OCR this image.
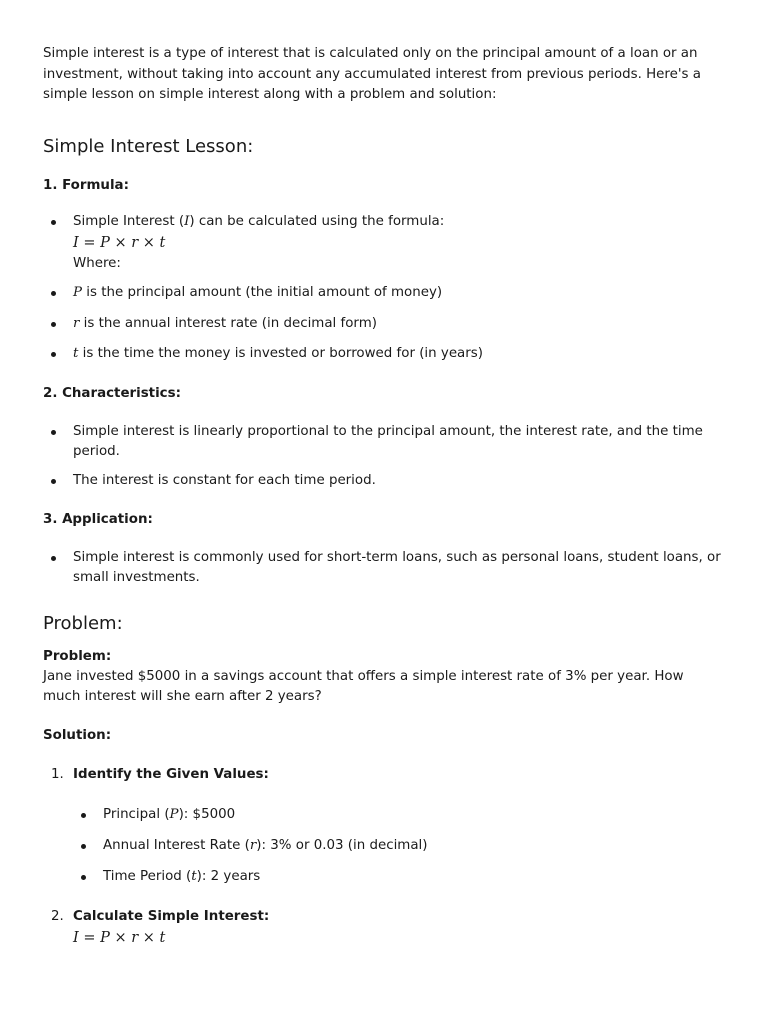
Simple interest is a type of interest that is calculated only on the principal amount of a loan or an investment, without taking into account any accumulated interest from previous periods. Here's a simple lesson on simple interest along with a problem and solution:

Simple Interest Lesson:

1. Formula:

Simple Interest (I) can be calculated using the formula:
I = P × r × t
Where:
P is the principal amount (the initial amount of money)
r is the annual interest rate (in decimal form)
t is the time the money is invested or borrowed for (in years)

2. Characteristics:

Simple interest is linearly proportional to the principal amount, the interest rate, and the time period.
The interest is constant for each time period.

3. Application:

Simple interest is commonly used for short-term loans, such as personal loans, student loans, or small investments.
Problem:

Problem:

Jane invested $5000 in a savings account that offers a simple interest rate of 3% per year. How much interest will she earn after 2 years?

Solution:

1. Identify the Given Values:
Principal (P): $5000
Annual Interest Rate (r): 3% or 0.03 (in decimal)
Time Period (t): 2 years
2. Calculate Simple Interest:
I = P × r × t
